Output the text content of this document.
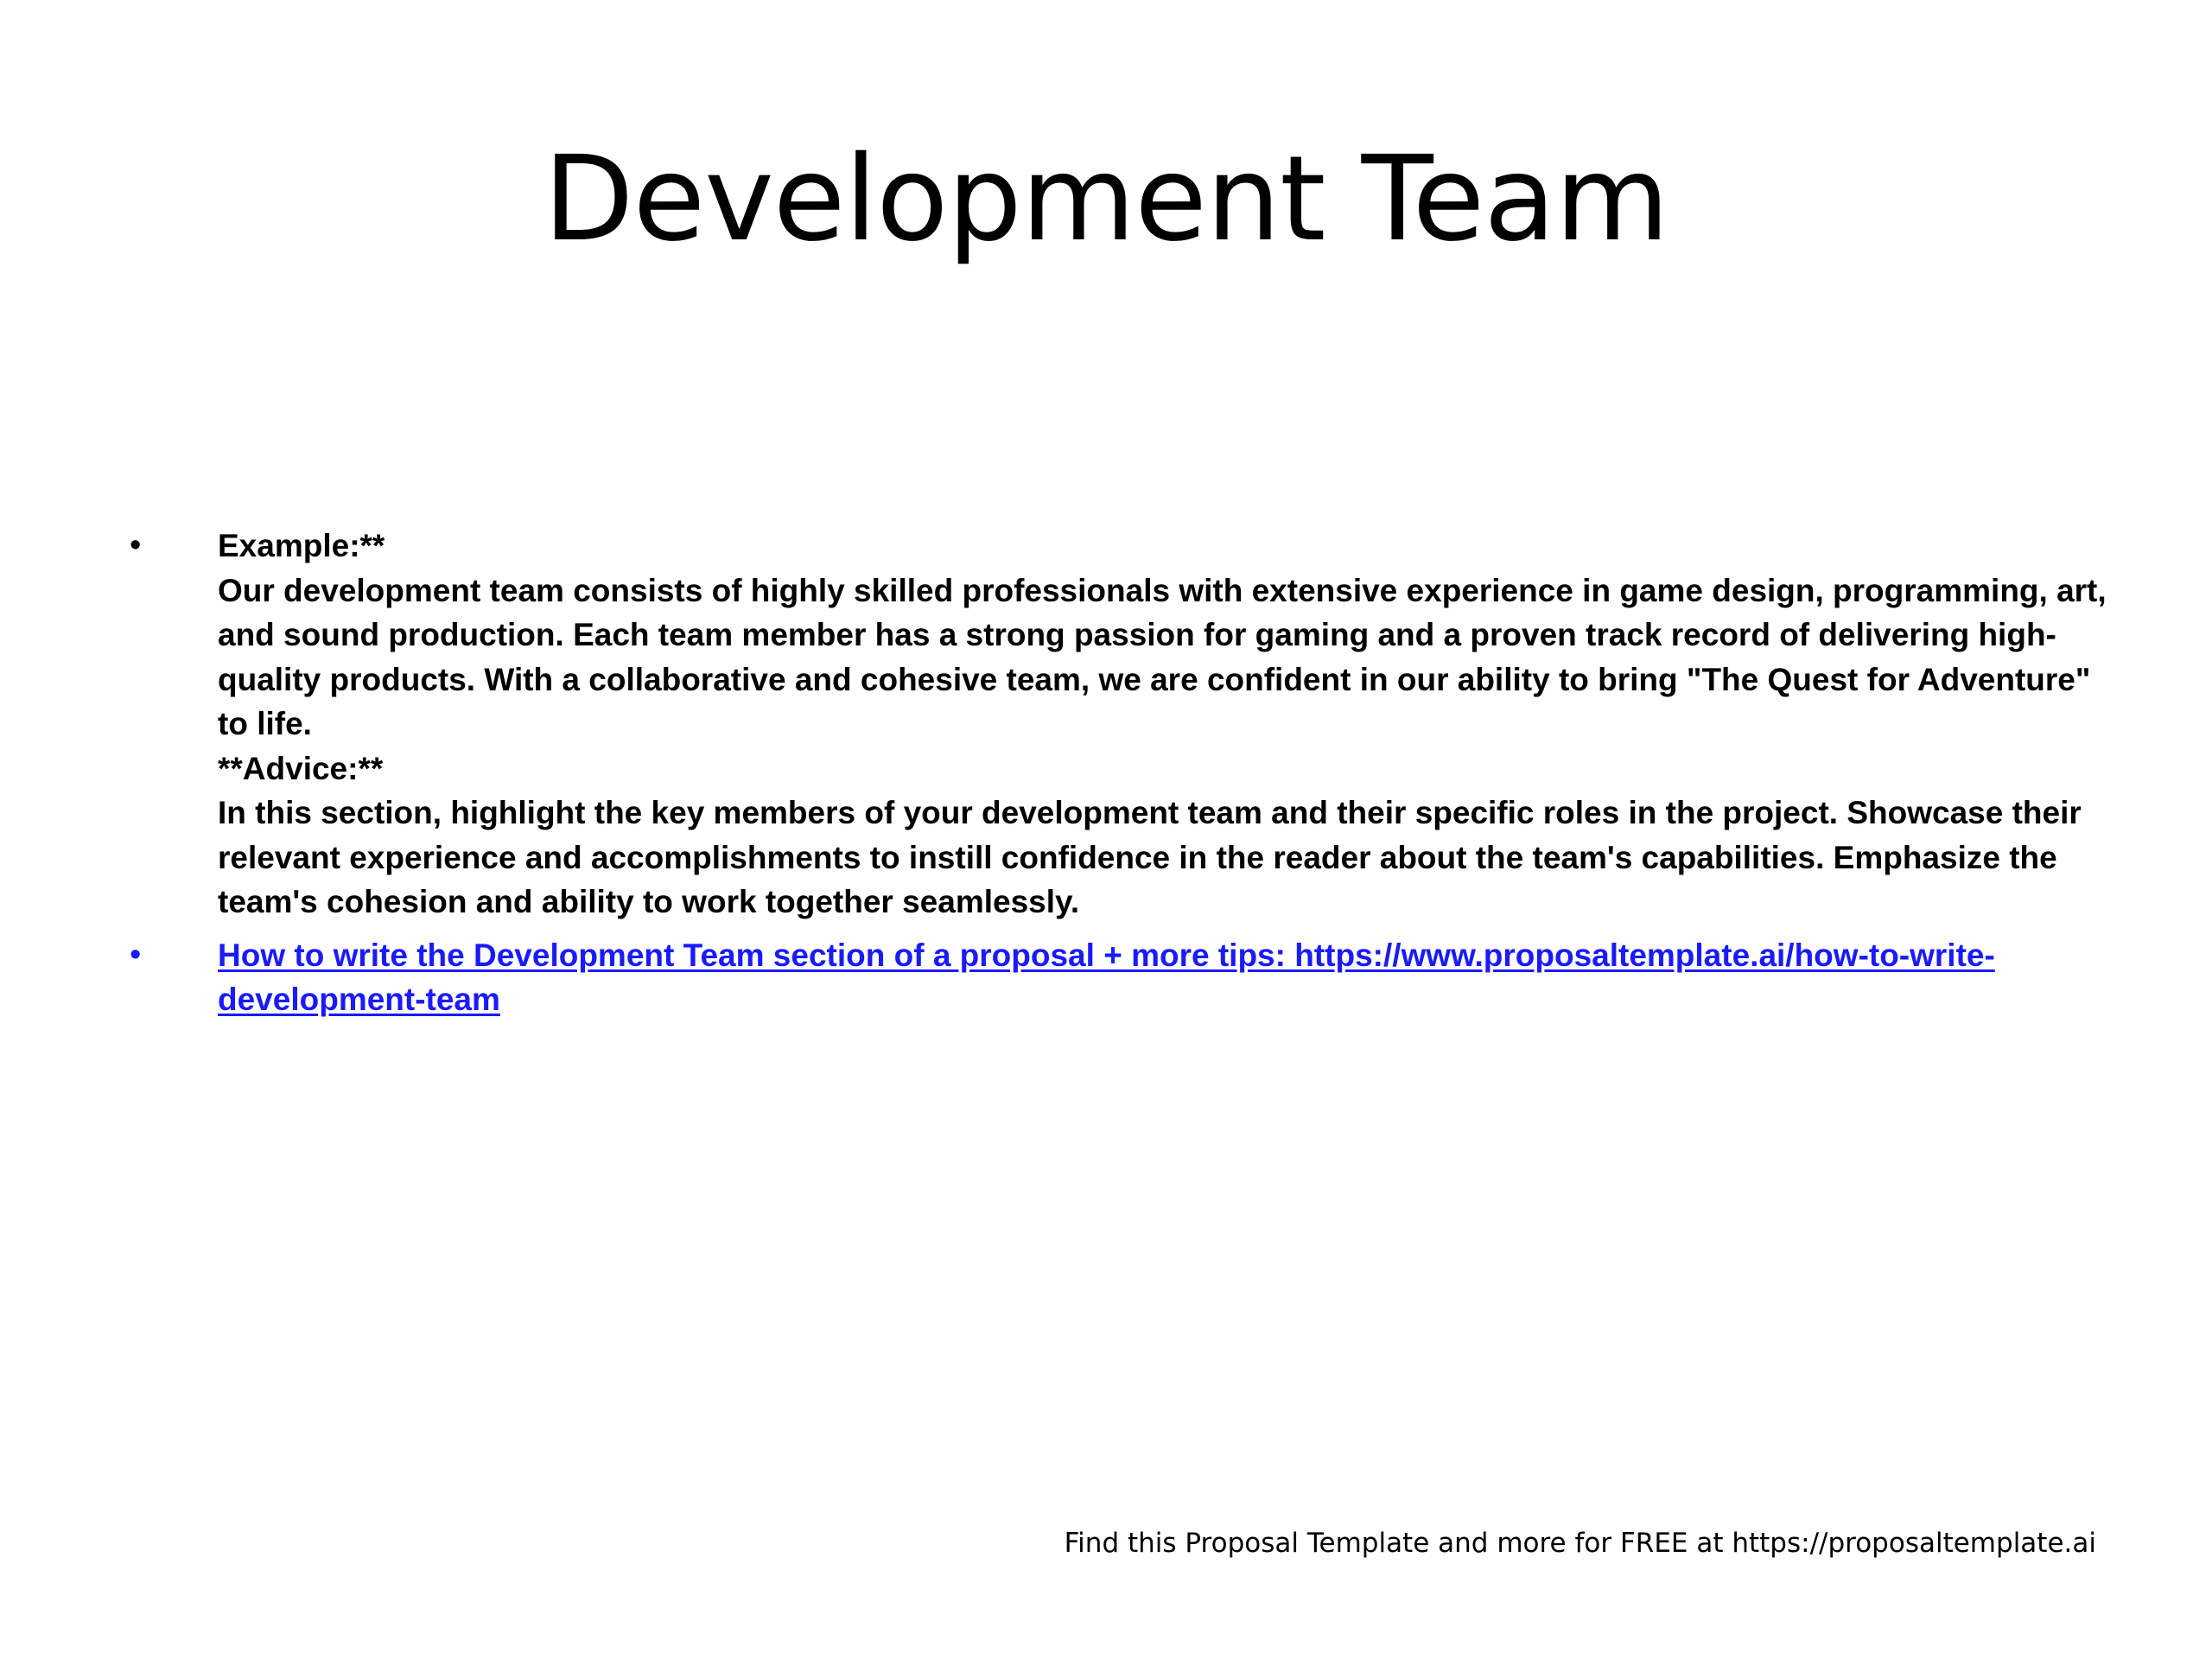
Development Team
•	Example:**
Our development team consists of highly skilled professionals with extensive experience in game design, programming, art, and sound production. Each team member has a strong passion for gaming and a proven track record of delivering high-quality products. With a collaborative and cohesive team, we are confident in our ability to bring "The Quest for Adventure" to life.
**Advice:**
In this section, highlight the key members of your development team and their specific roles in the project. Showcase their relevant experience and accomplishments to instill confidence in the reader about the team's capabilities. Emphasize the team's cohesion and ability to work together seamlessly.
•	How to write the Development Team section of a proposal + more tips: https://www.proposaltemplate.ai/how-to-write-development-team
Find this Proposal Template and more for FREE at https://proposaltemplate.ai
